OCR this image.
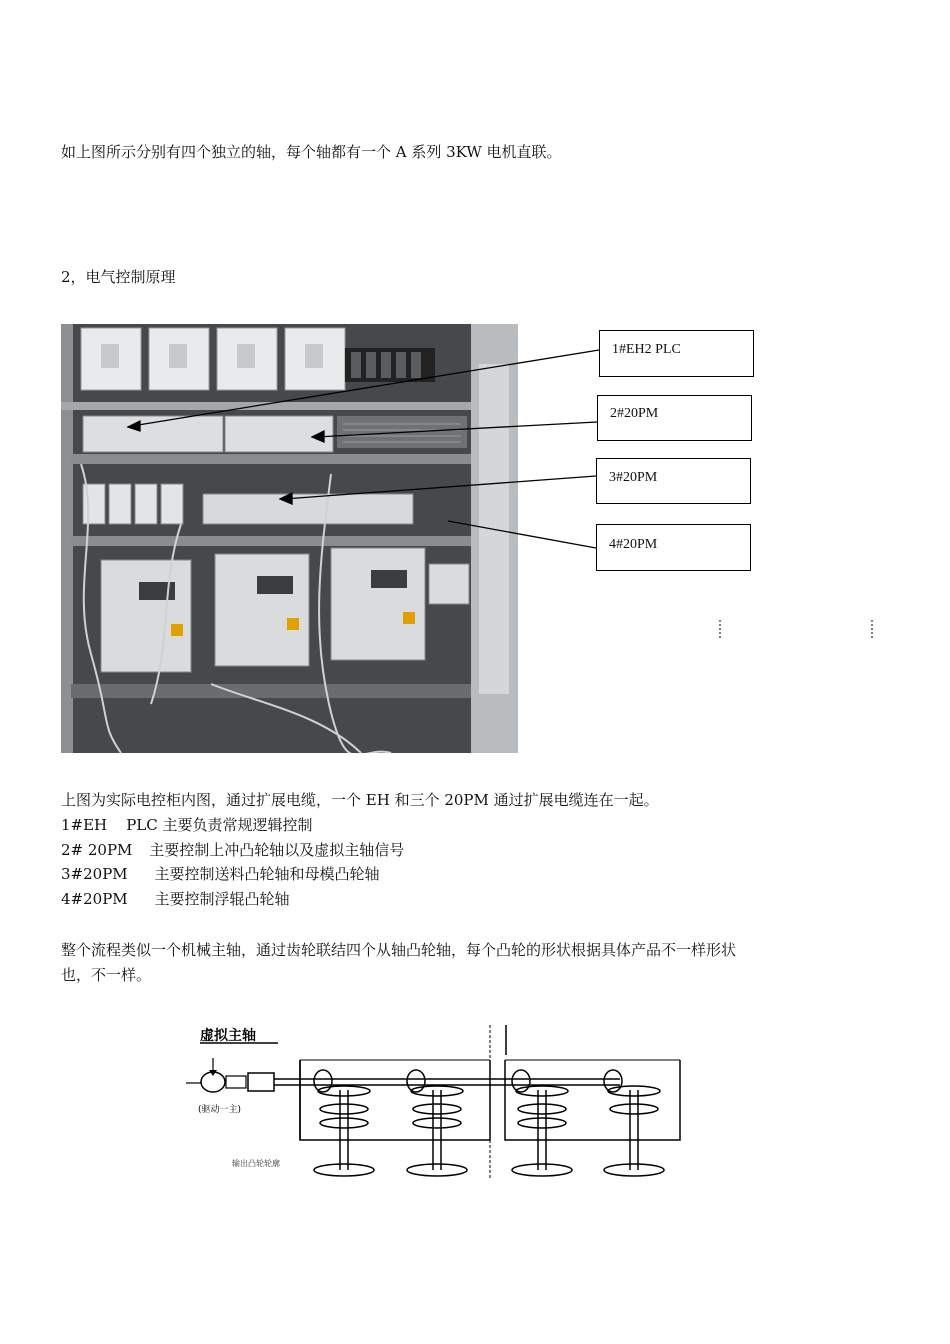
如上图所示分别有四个独立的轴，每个轴都有一个 A 系列 3KW 电机直联。
2，电气控制原理
1#EH2 PLC
2#20PM
3#20PM
4#20PM
上图为实际电控柜内图，通过扩展电缆，一个 EH 和三个 20PM 通过扩展电缆连在一起。
1#EH    PLC 主要负责常规逻辑控制
2# 20PM 主要控制上冲凸轮轴以及虚拟主轴信号
3#20PM 主要控制送料凸轮轴和母模凸轮轴
4#20PM 主要控制浮辊凸轮轴
整个流程类似一个机械主轴，通过齿轮联结四个从轴凸轮轴，每个凸轮的形状根据具体产品不一样形状
也，不一样。
虚拟主轴
(驱动一主)
输出凸轮轮廓
